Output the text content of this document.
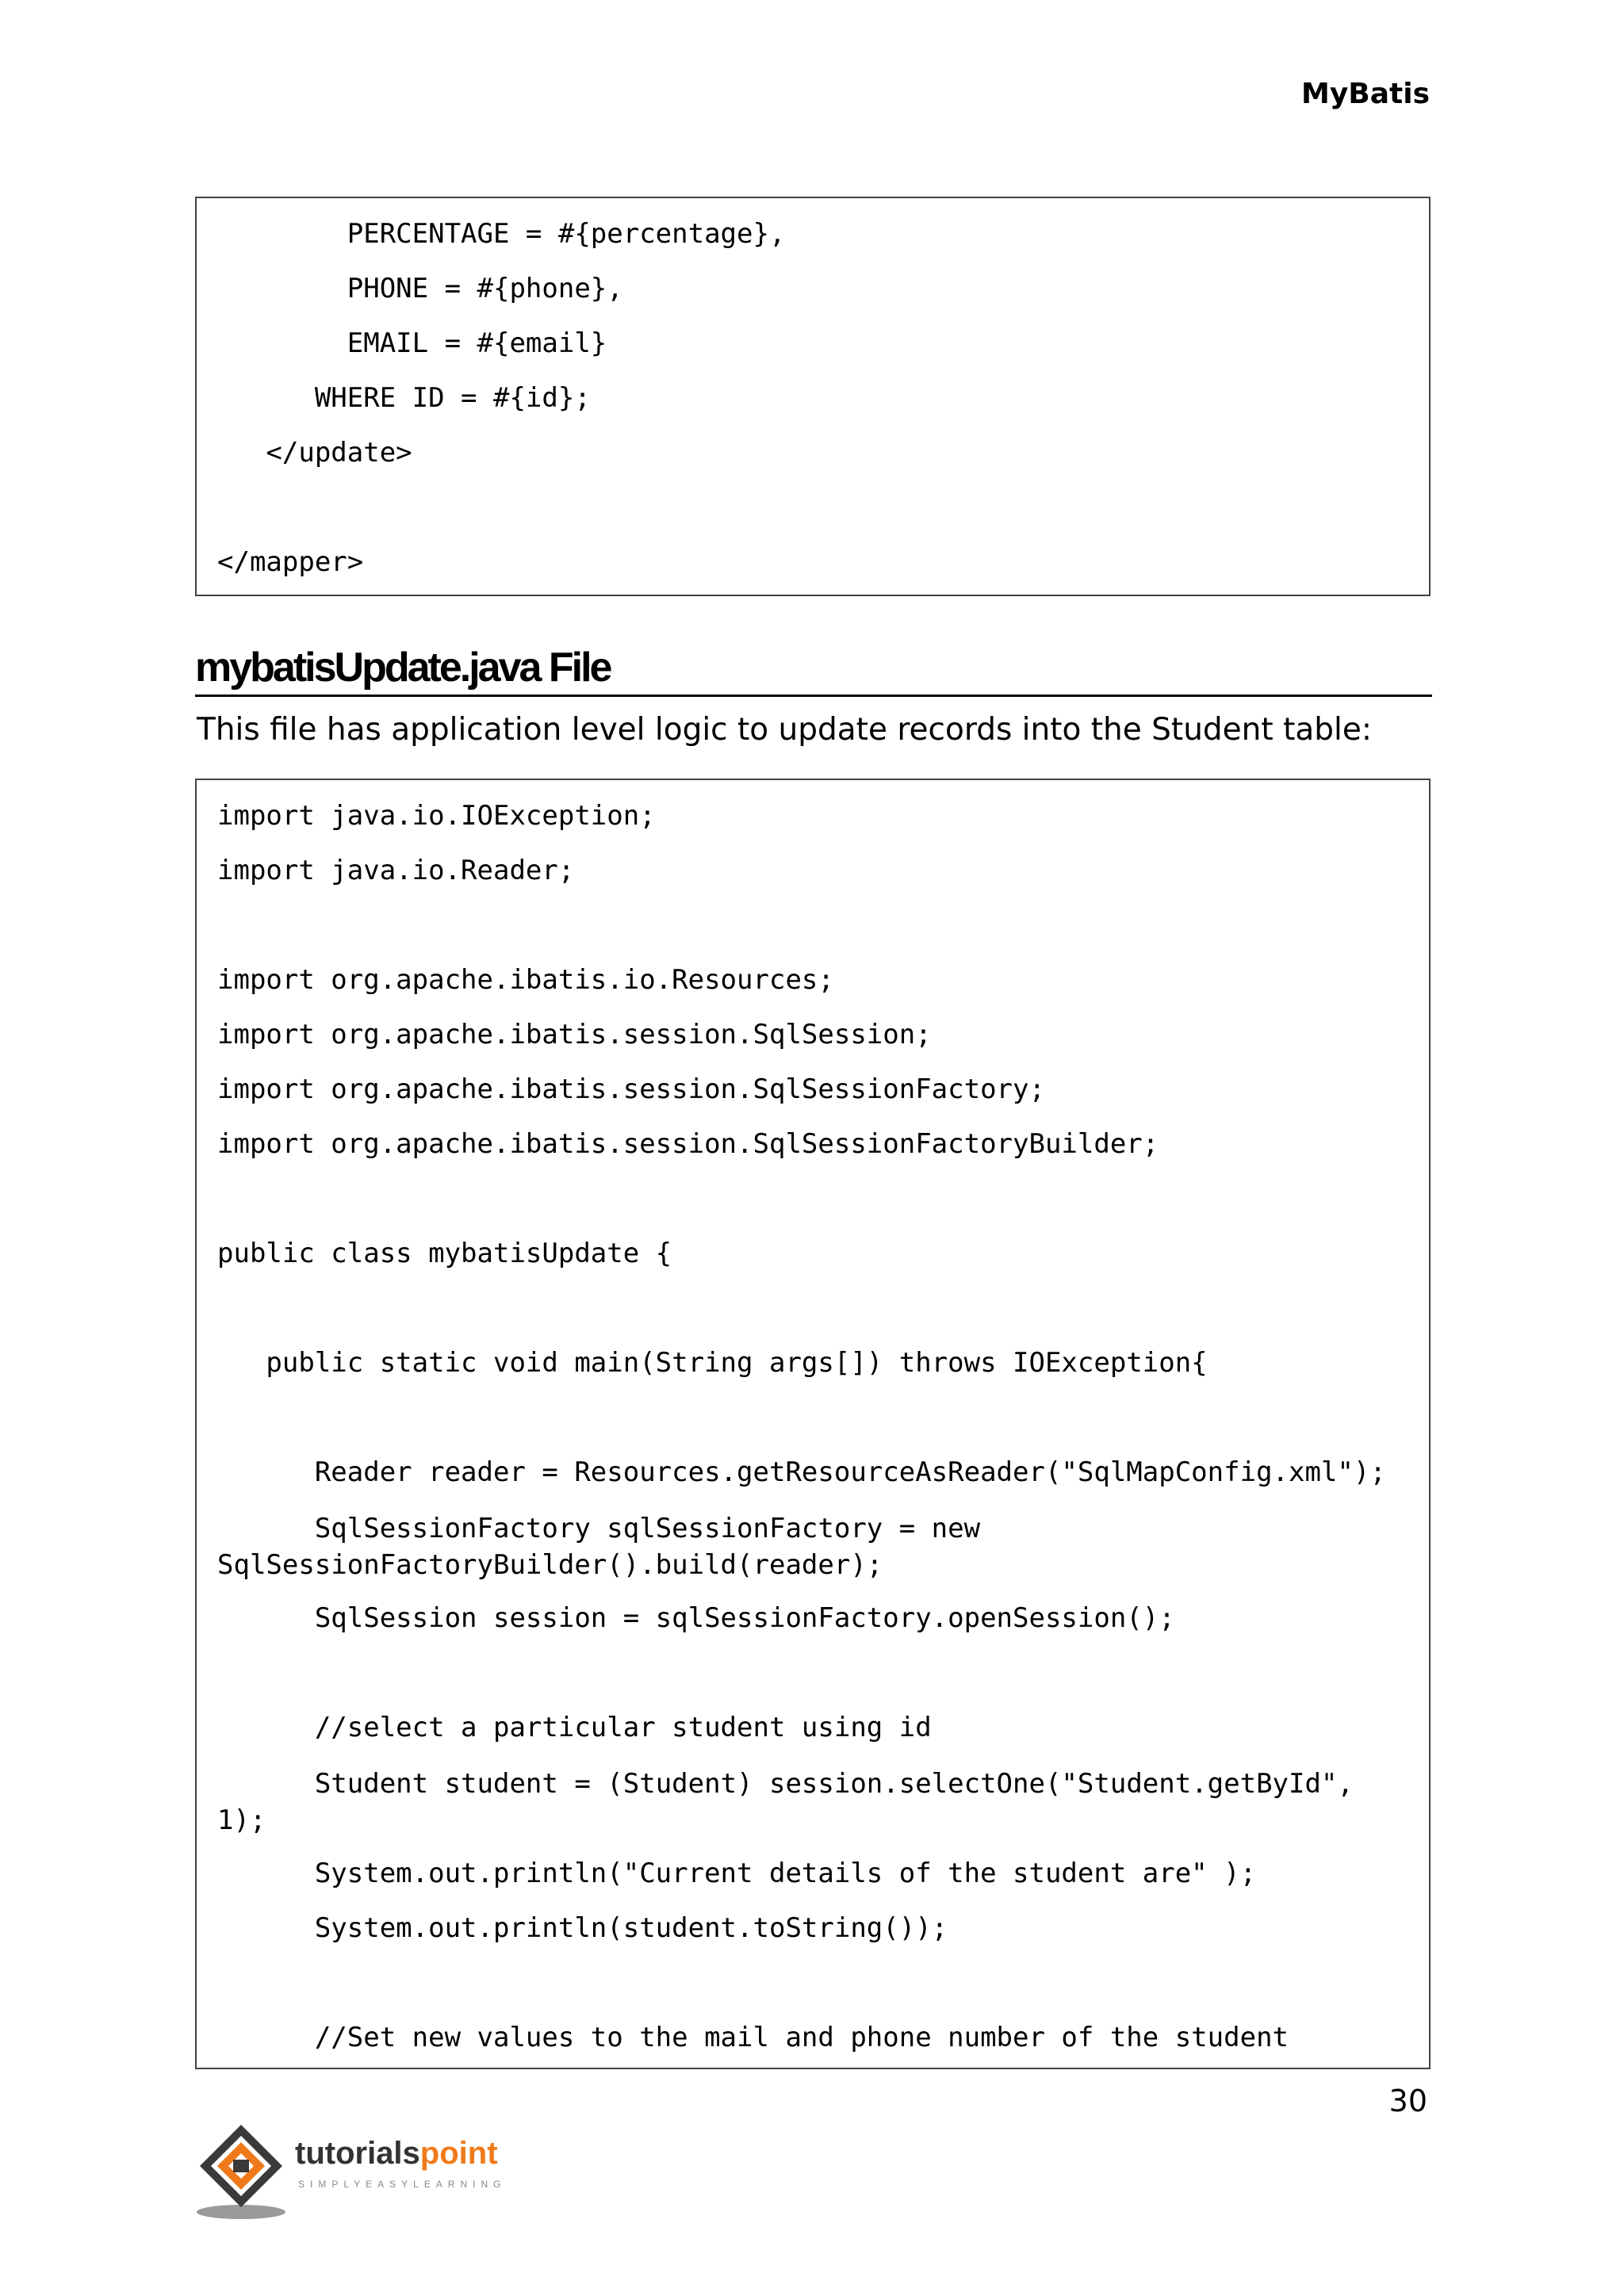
MyBatis
PERCENTAGE = #{percentage},
PHONE = #{phone},
EMAIL = #{email}
WHERE ID = #{id};
</update>
</mapper>
mybatisUpdate.java File
This file has application level logic to update records into the Student table:
import java.io.IOException;
import java.io.Reader;
import org.apache.ibatis.io.Resources;
import org.apache.ibatis.session.SqlSession;
import org.apache.ibatis.session.SqlSessionFactory;
import org.apache.ibatis.session.SqlSessionFactoryBuilder;
public class mybatisUpdate {
public static void main(String args[]) throws IOException{
Reader reader = Resources.getResourceAsReader("SqlMapConfig.xml");
SqlSessionFactory sqlSessionFactory = new
SqlSessionFactoryBuilder().build(reader);
SqlSession session = sqlSessionFactory.openSession();
//select a particular student using id
Student student = (Student) session.selectOne("Student.getById",
1);
System.out.println("Current details of the student are" );
System.out.println(student.toString());
//Set new values to the mail and phone number of the student
30
tutorialspoint
SIMPLYEASYLEARNING
